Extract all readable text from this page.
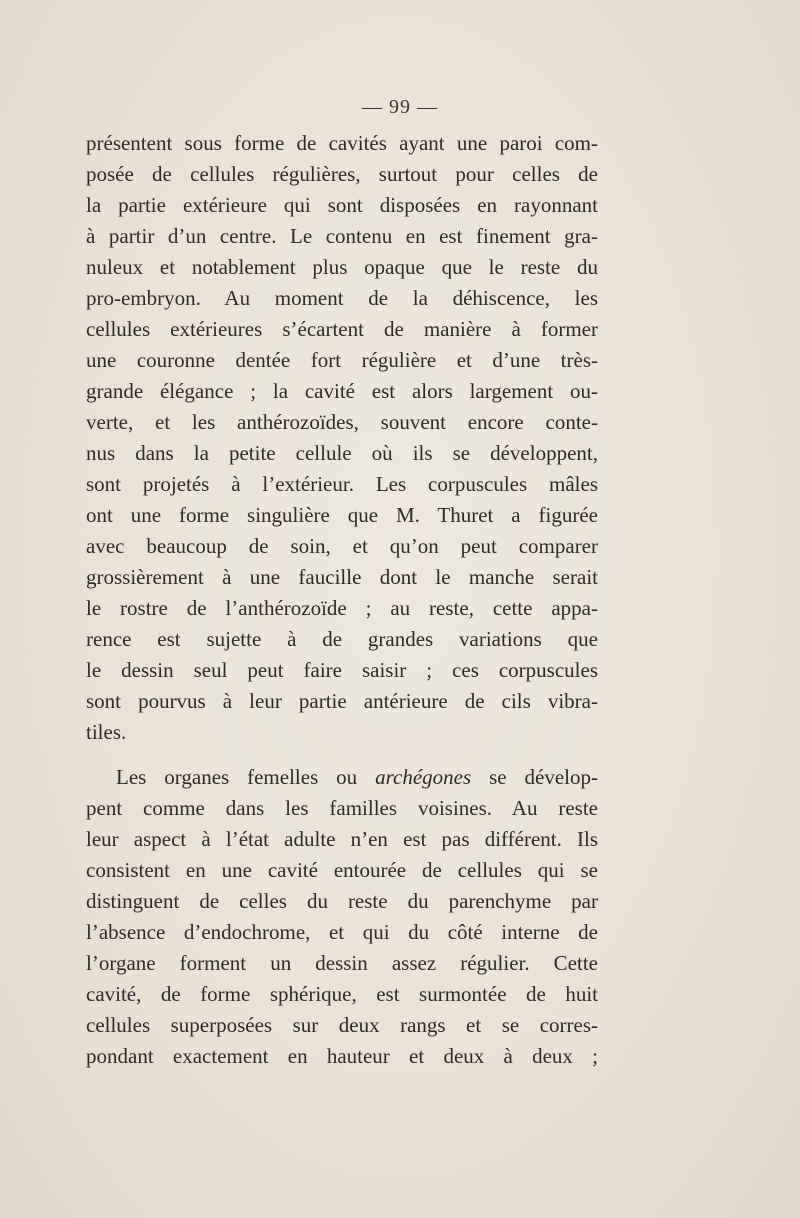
— 99 —
présentent sous forme de cavités ayant une paroi com-
posée de cellules régulières, surtout pour celles de
la partie extérieure qui sont disposées en rayonnant
à partir d’un centre. Le contenu en est finement gra-
nuleux et notablement plus opaque que le reste du
pro-embryon. Au moment de la déhiscence, les
cellules extérieures s’écartent de manière à former
une couronne dentée fort régulière et d’une très-
grande élégance ; la cavité est alors largement ou-
verte, et les anthérozoïdes, souvent encore conte-
nus dans la petite cellule où ils se développent,
sont projetés à l’extérieur. Les corpuscules mâles
ont une forme singulière que M. Thuret a figurée
avec beaucoup de soin, et qu’on peut comparer
grossièrement à une faucille dont le manche serait
le rostre de l’anthérozoïde ; au reste, cette appa-
rence est sujette à de grandes variations que
le dessin seul peut faire saisir ; ces corpuscules
sont pourvus à leur partie antérieure de cils vibra-
tiles.
Les organes femelles ou archégones se dévelop-
pent comme dans les familles voisines. Au reste
leur aspect à l’état adulte n’en est pas différent. Ils
consistent en une cavité entourée de cellules qui se
distinguent de celles du reste du parenchyme par
l’absence d’endochrome, et qui du côté interne de
l’organe forment un dessin assez régulier. Cette
cavité, de forme sphérique, est surmontée de huit
cellules superposées sur deux rangs et se corres-
pondant exactement en hauteur et deux à deux ;
